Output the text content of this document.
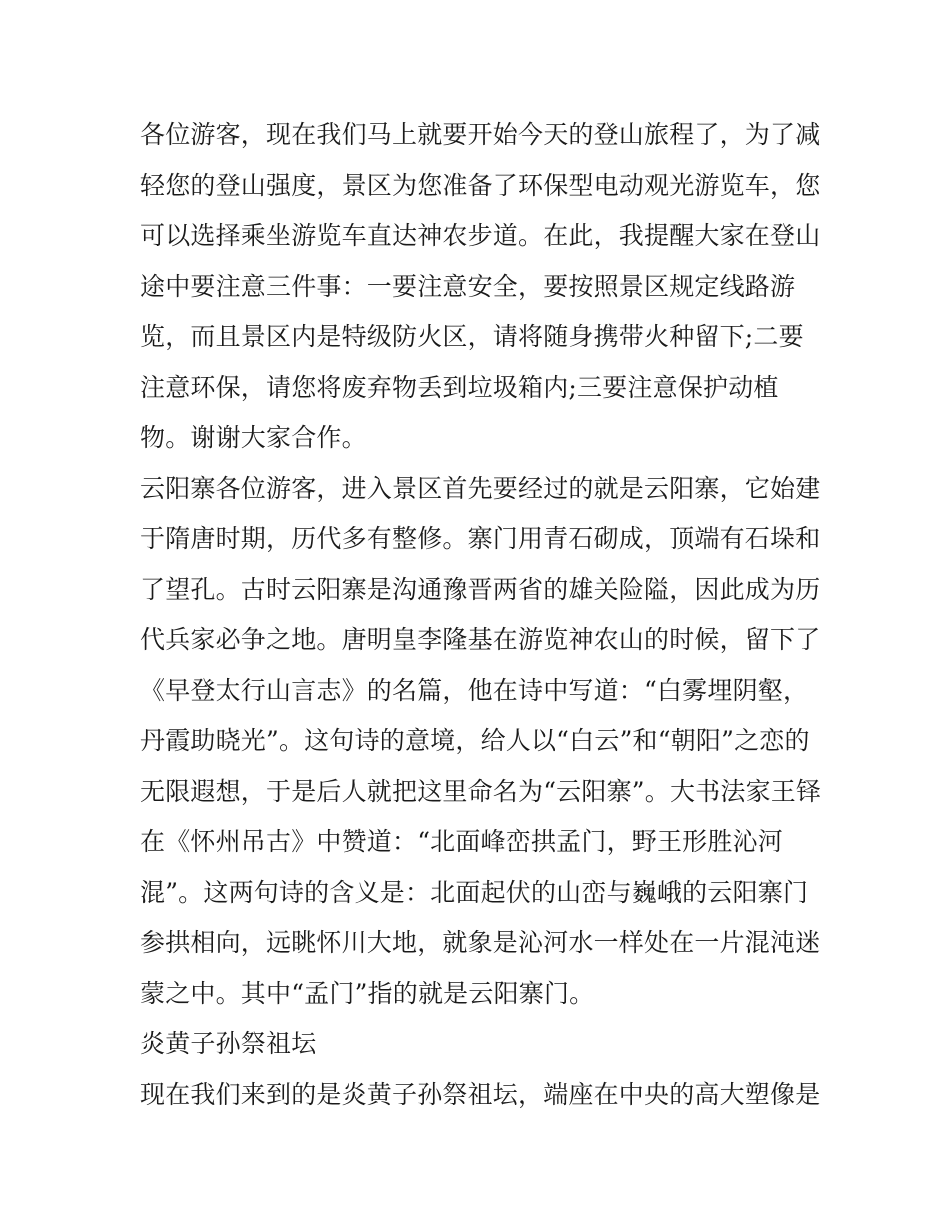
各位游客，现在我们马上就要开始今天的登山旅程了，为了减
轻您的登山强度，景区为您准备了环保型电动观光游览车，您
可以选择乘坐游览车直达神农步道。在此，我提醒大家在登山
途中要注意三件事：一要注意安全，要按照景区规定线路游
览，而且景区内是特级防火区，请将随身携带火种留下;二要
注意环保，请您将废弃物丢到垃圾箱内;三要注意保护动植
物。谢谢大家合作。
云阳寨各位游客，进入景区首先要经过的就是云阳寨，它始建
于隋唐时期，历代多有整修。寨门用青石砌成，顶端有石垛和
了望孔。古时云阳寨是沟通豫晋两省的雄关险隘，因此成为历
代兵家必争之地。唐明皇李隆基在游览神农山的时候，留下了
《早登太行山言志》的名篇，他在诗中写道：“白雾埋阴壑，
丹霞助晓光”。这句诗的意境，给人以“白云”和“朝阳”之恋的
无限遐想，于是后人就把这里命名为“云阳寨”。大书法家王铎
在《怀州吊古》中赞道：“北面峰峦拱孟门，野王形胜沁河
混”。这两句诗的含义是：北面起伏的山峦与巍峨的云阳寨门
参拱相向，远眺怀川大地，就象是沁河水一样处在一片混沌迷
蒙之中。其中“孟门”指的就是云阳寨门。
炎黄子孙祭祖坛
现在我们来到的是炎黄子孙祭祖坛，端座在中央的高大塑像是
